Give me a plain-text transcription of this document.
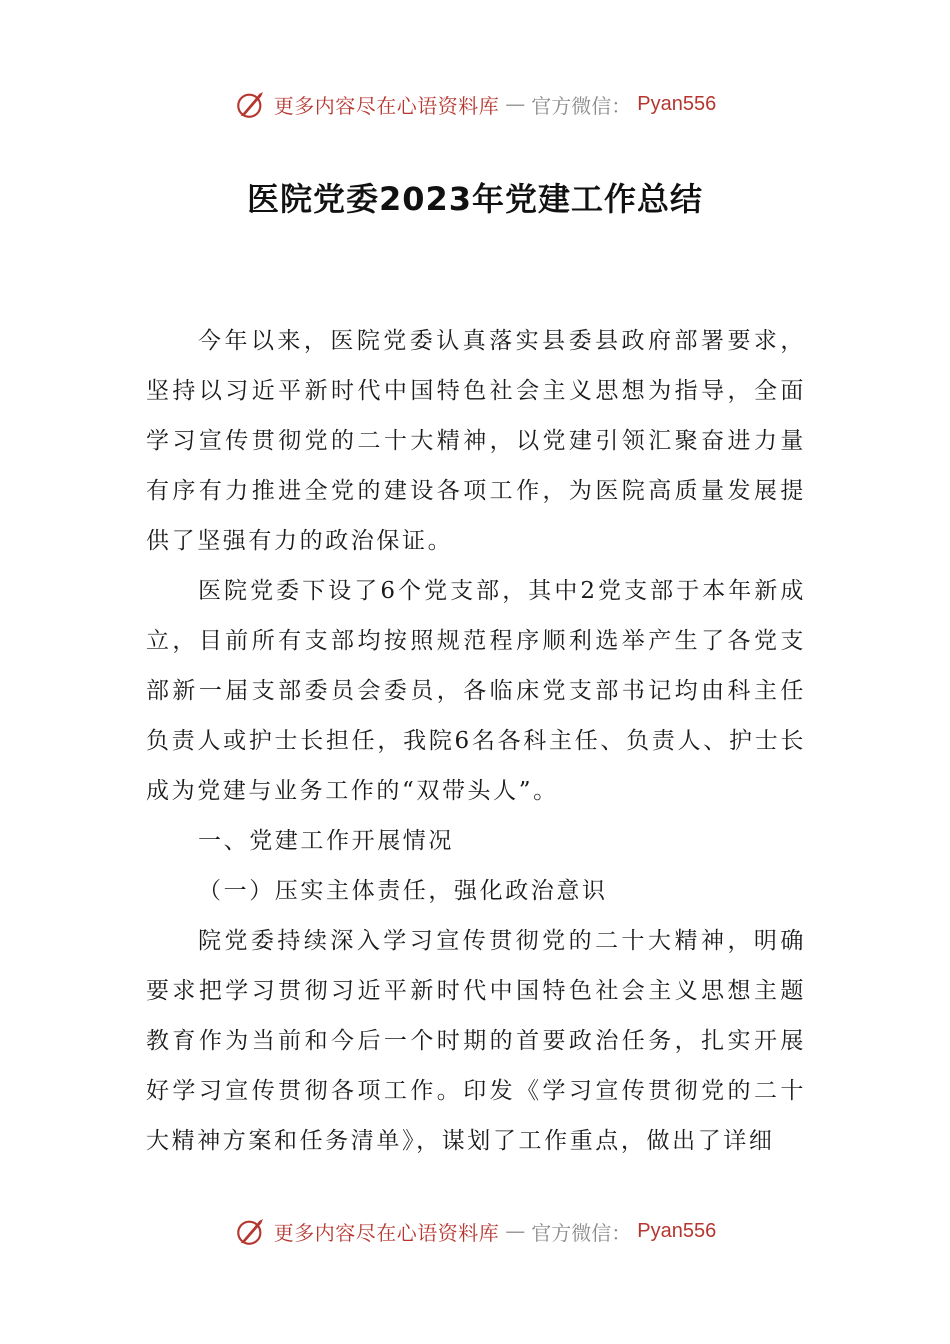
更多内容尽在心语资料库 — 官方微信： Pyan556
医院党委2023年党建工作总结

今年以来，医院党委认真落实县委县政府部署要求，坚持以习近平新时代中国特色社会主义思想为指导，全面学习宣传贯彻党的二十大精神，以党建引领汇聚奋进力量有序有力推进全党的建设各项工作，为医院高质量发展提供了坚强有力的政治保证。

医院党委下设了6个党支部，其中2党支部于本年新成立，目前所有支部均按照规范程序顺利选举产生了各党支部新一届支部委员会委员，各临床党支部书记均由科主任负责人或护士长担任，我院6名各科主任、负责人、护士长成为党建与业务工作的“双带头人”。

一、党建工作开展情况

（一）压实主体责任，强化政治意识

院党委持续深入学习宣传贯彻党的二十大精神，明确要求把学习贯彻习近平新时代中国特色社会主义思想主题教育作为当前和今后一个时期的首要政治任务，扎实开展好学习宣传贯彻各项工作。印发《学习宣传贯彻党的二十大精神方案和任务清单》，谋划了工作重点，做出了详细

更多内容尽在心语资料库 — 官方微信： Pyan556
